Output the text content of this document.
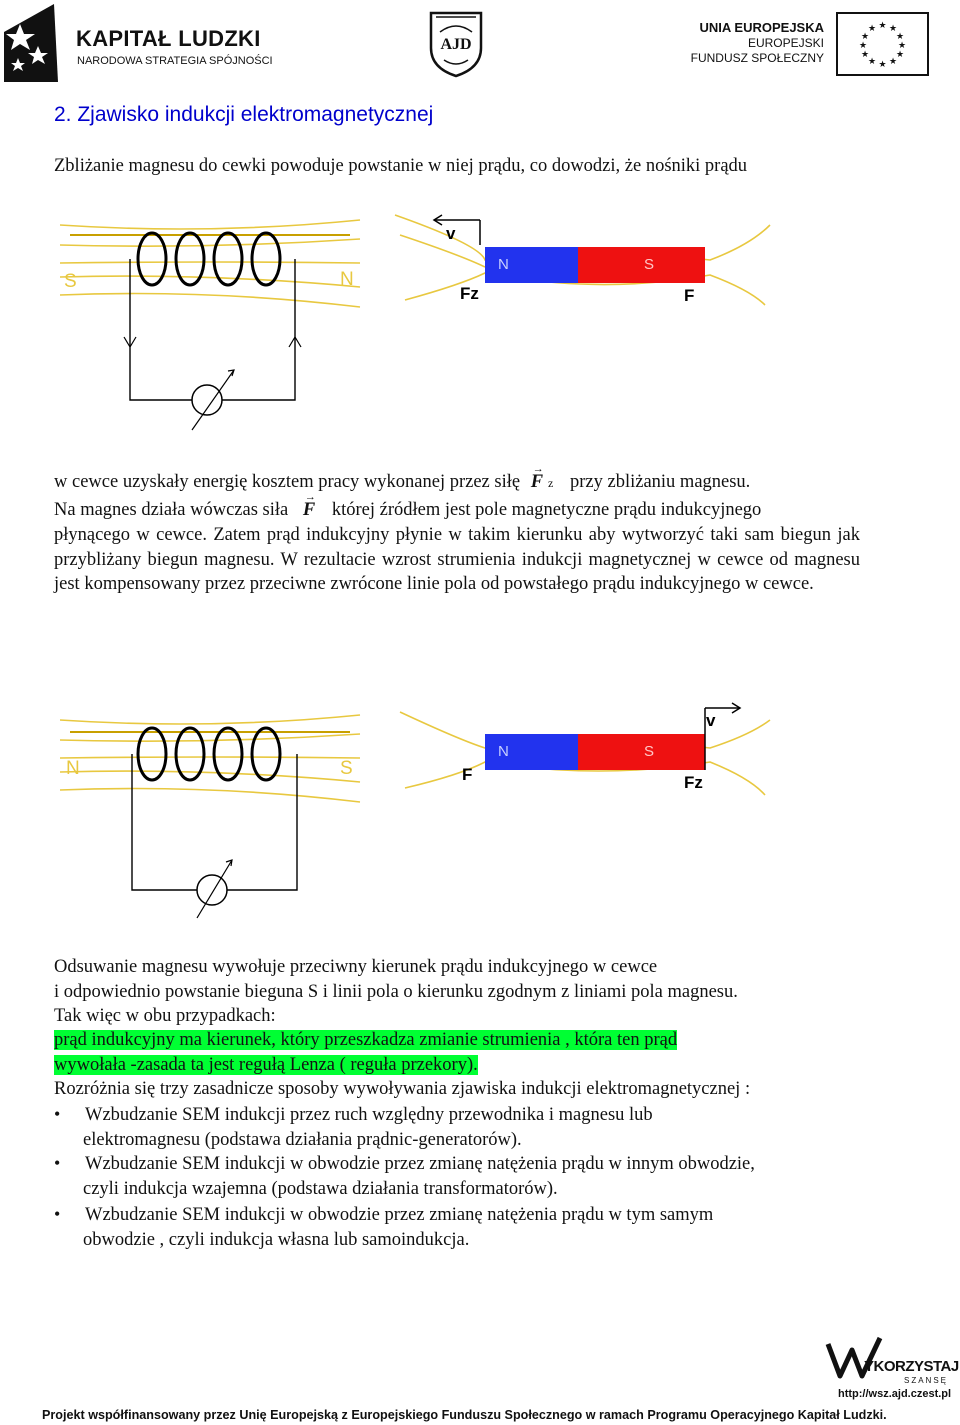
KAPITAŁ LUDZKI
NARODOWA STRATEGIA SPÓJNOŚCI
AJD
UNIA EUROPEJSKA
EUROPEJSKI
FUNDUSZ SPOŁECZNY
★ ★
★
★
★
★
★
★
★
★
★
★
2. Zjawisko indukcji elektromagnetycznej
Zbliżanie magnesu do cewki powoduje powstanie w niej prądu, co dowodzi, że nośniki prądu
S	N
N	S
v
Fz	F
w cewce uzyskały energię kosztem pracy wykonanej przez siłę → F z przy zbliżaniu magnesu.
Na magnes działa wówczas siła → F której źródłem jest pole magnetyczne prądu indukcyjnego
płynącego w cewce. Zatem prąd indukcyjny płynie w takim kierunku aby wytworzyć taki sam biegun jak przybliżany biegun magnesu. W rezultacie wzrost strumienia indukcji magnetycznej w cewce od magnesu jest kompensowany przez przeciwne zwrócone linie pola od powstałego prądu indukcyjnego w cewce.
N	S
N	S
v
F	Fz
Odsuwanie magnesu wywołuje przeciwny kierunek prądu indukcyjnego w cewce
i odpowiednio powstanie bieguna S i linii pola o kierunku zgodnym z liniami pola magnesu.
Tak więc w obu przypadkach:
prąd indukcyjny ma kierunek, który przeszkadza zmianie strumienia , która ten prąd
wywołała -zasada ta jest regułą Lenza ( reguła przekory).
Rozróżnia się trzy zasadnicze sposoby wywoływania zjawiska indukcji elektromagnetycznej :
• Wzbudzanie SEM indukcji przez ruch względny przewodnika i magnesu lub
elektromagnesu (podstawa działania prądnic-generatorów).
• Wzbudzanie SEM indukcji w obwodzie przez zmianę natężenia prądu w innym obwodzie,
czyli indukcja wzajemna (podstawa działania transformatorów).
• Wzbudzanie SEM indukcji w obwodzie przez zmianę natężenia prądu w tym samym
obwodzie , czyli indukcja własna lub samoindukcja.
YKORZYSTAJ
SZANSĘ
http://wsz.ajd.czest.pl
Projekt współfinansowany przez Unię Europejską z Europejskiego Funduszu Społecznego w ramach Programu Operacyjnego Kapitał Ludzki.
